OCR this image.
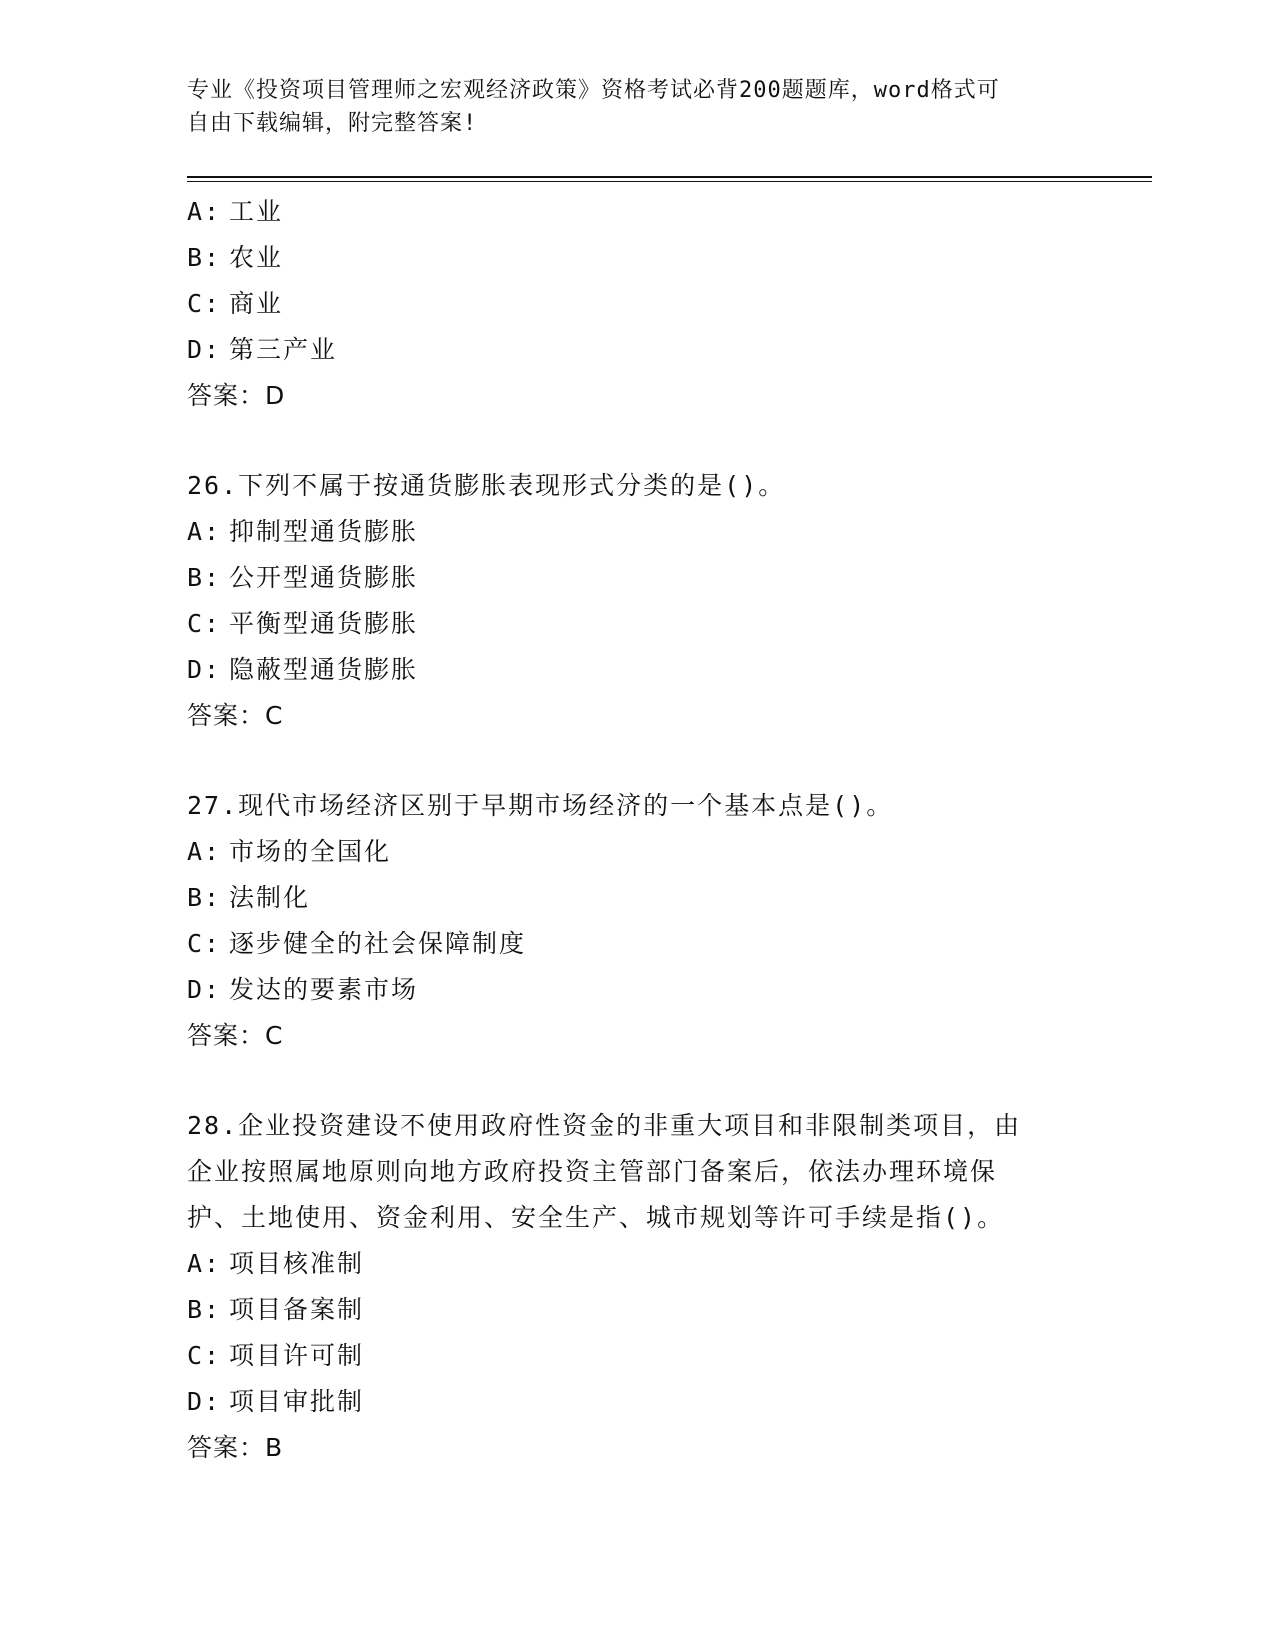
专业《投资项目管理师之宏观经济政策》资格考试必背200题题库，word格式可
自由下载编辑，附完整答案!
A: 工业
B: 农业
C: 商业
D: 第三产业
答案：D
26.下列不属于按通货膨胀表现形式分类的是()。
A: 抑制型通货膨胀
B: 公开型通货膨胀
C: 平衡型通货膨胀
D: 隐蔽型通货膨胀
答案：C
27.现代市场经济区别于早期市场经济的一个基本点是()。
A: 市场的全国化
B: 法制化
C: 逐步健全的社会保障制度
D: 发达的要素市场
答案：C
28.企业投资建设不使用政府性资金的非重大项目和非限制类项目，由
企业按照属地原则向地方政府投资主管部门备案后，依法办理环境保
护、土地使用、资金利用、安全生产、城市规划等许可手续是指()。
A: 项目核准制
B: 项目备案制
C: 项目许可制
D: 项目审批制
答案：B
